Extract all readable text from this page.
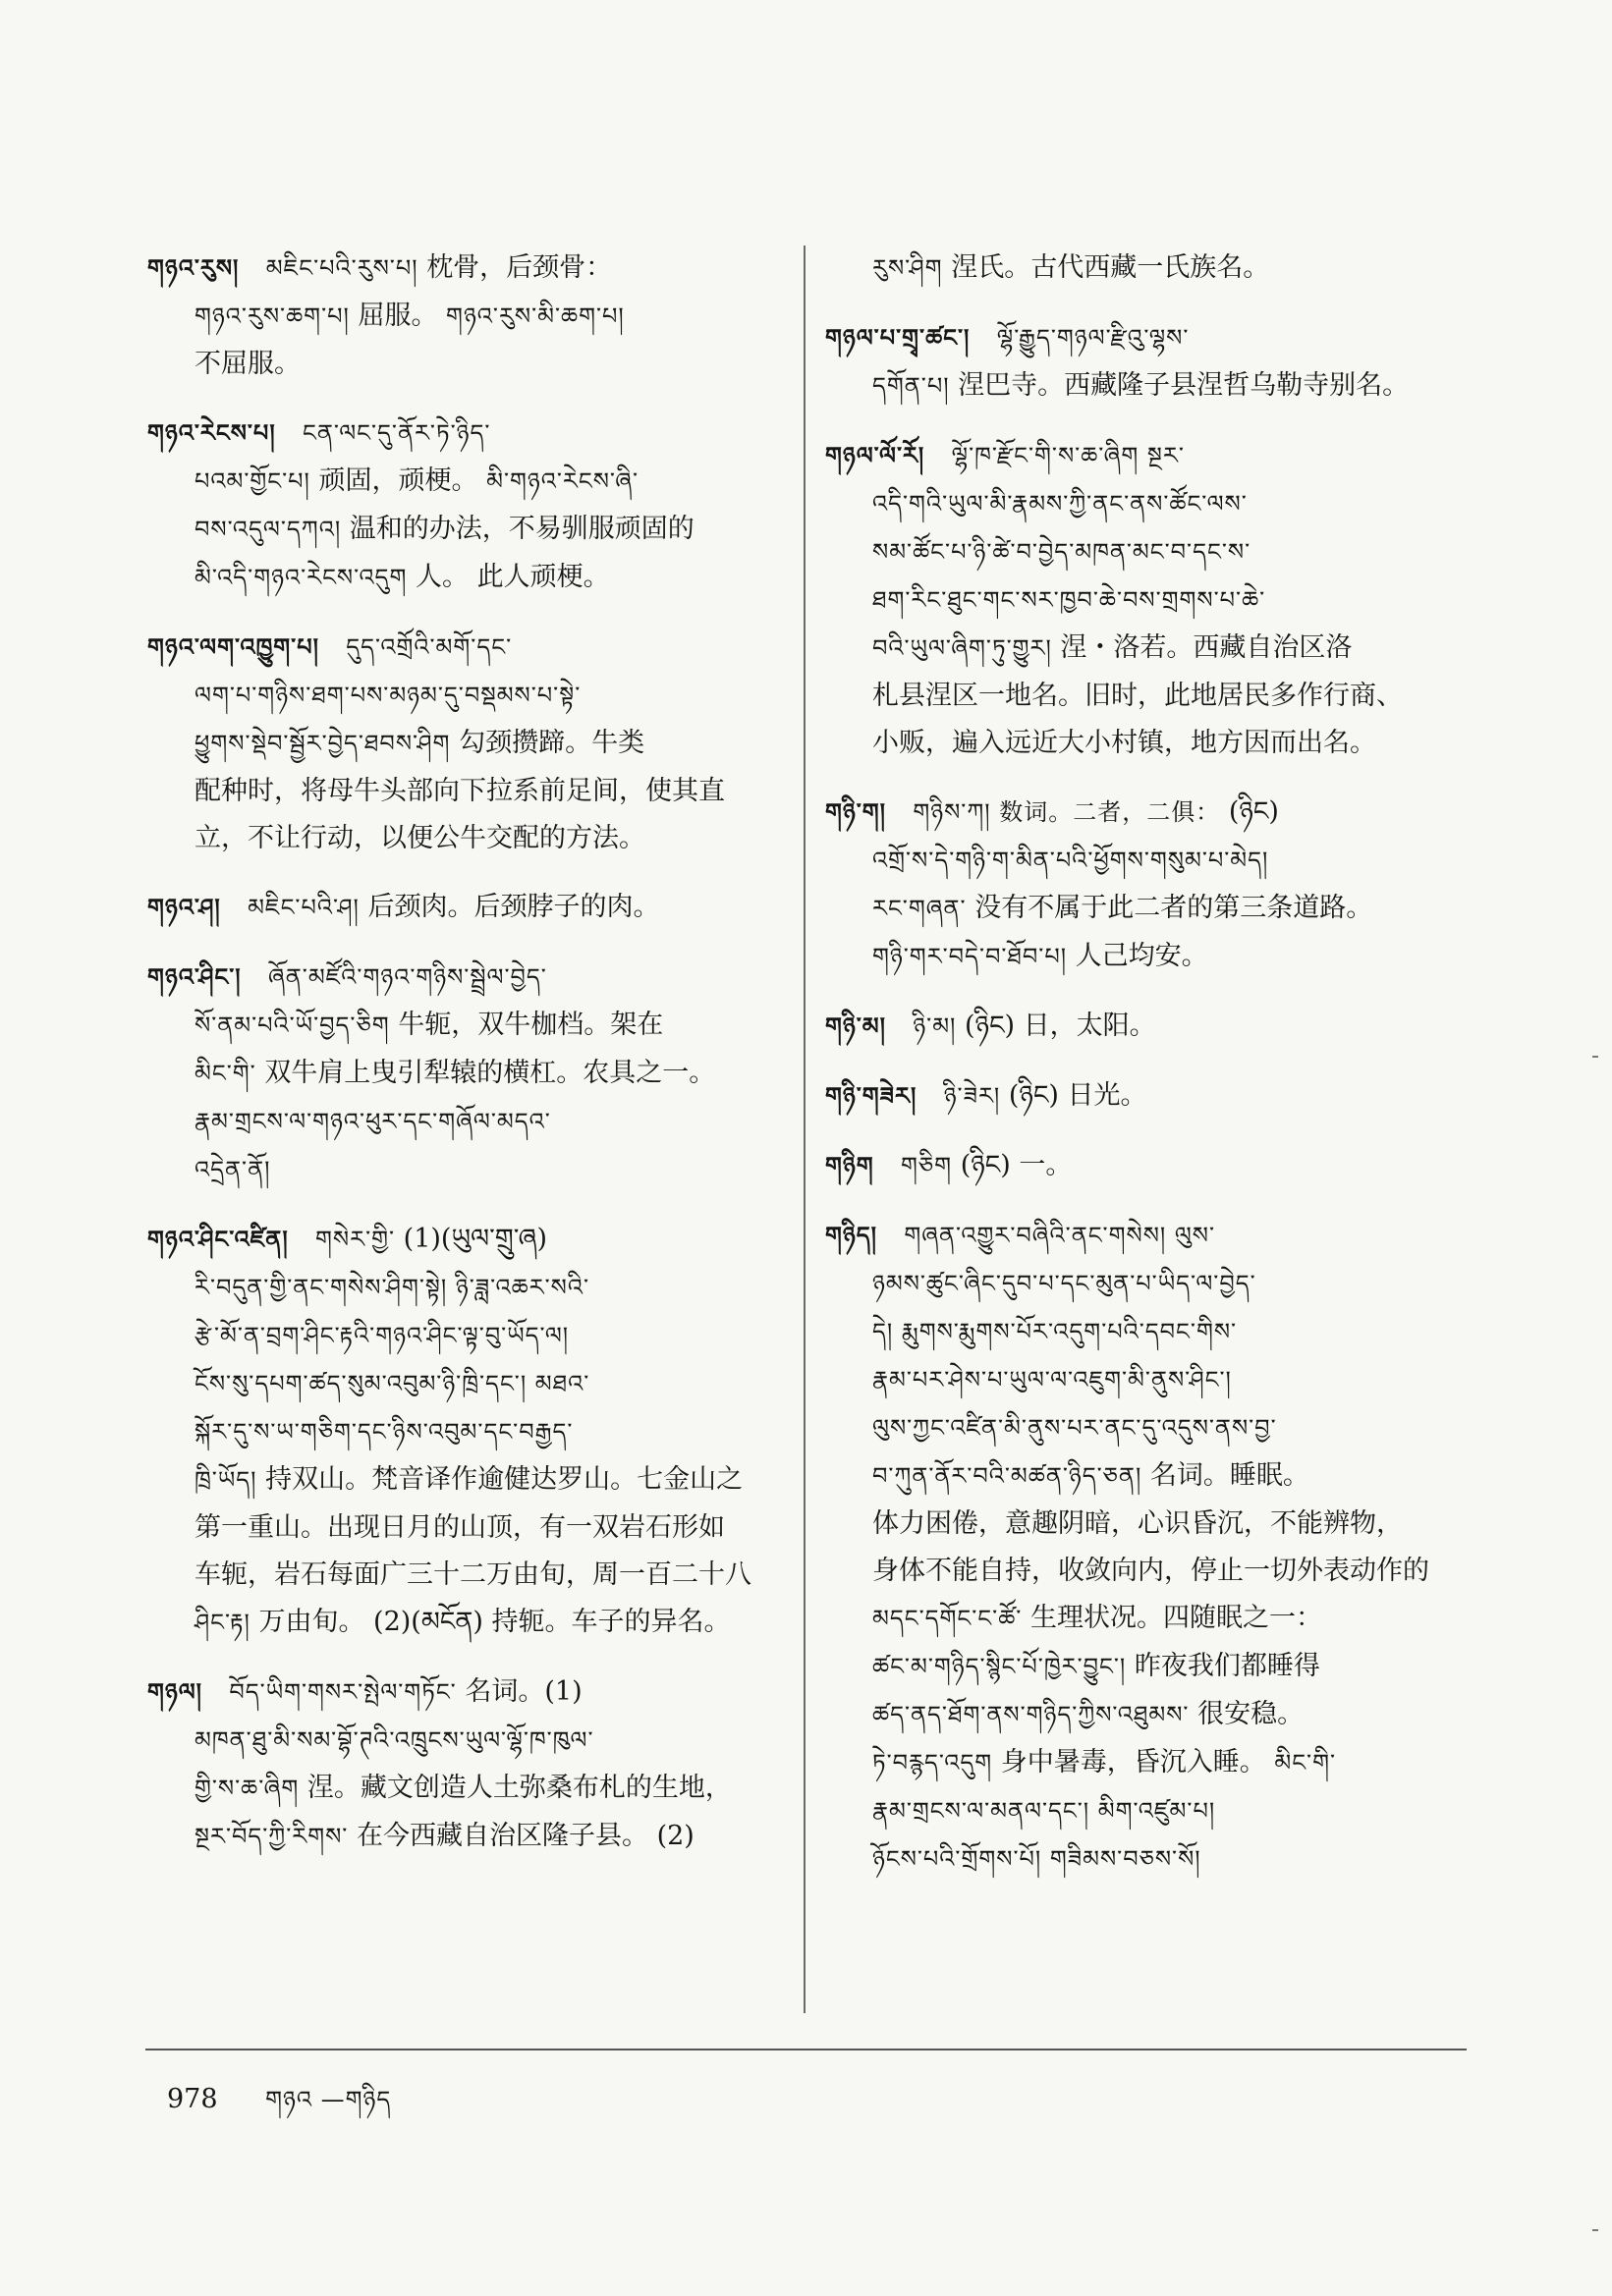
གཉའ་རུས། མཇིང་པའི་རུས་པ། 枕骨，后颈骨：
གཉའ་རུས་ཆག་པ། 屈服。 གཉའ་རུས་མི་ཆག་པ།
不屈服。
གཉའ་རེངས་པ། ངན་ལང་དུ་ནོར་ཏེ་ཉིད་
པའམ་གྱོང་པ། 顽固，顽梗。 མི་གཉའ་རེངས་ཞི་
བས་འདུལ་དཀའ། 温和的办法，不易驯服顽固的
མི་འདི་གཉའ་རེངས་འདུག 人。 此人顽梗。
གཉའ་ལག་འཁྱུག་པ། དུད་འགྲོའི་མགོ་དང་
ལག་པ་གཉིས་ཐག་པས་མཉམ་དུ་བསྡམས་པ་སྟེ་
ཕྱུགས་སྡེབ་སྦྱོར་བྱེད་ཐབས་ཤིག 勾颈攒蹄。牛类
配种时，将母牛头部向下拉系前足间，使其直
立，不让行动，以便公牛交配的方法。
གཉའ་ཤ། མཇིང་པའི་ཤ། 后颈肉。后颈脖子的肉。
གཉའ་ཤིང་། ཞོན་མཛོའི་གཉའ་གཉིས་སྦྲེལ་བྱེད་
སོ་ནམ་པའི་ཡོ་བྱད་ཅིག 牛轭，双牛枷档。架在
མིང་གི་ 双牛肩上曳引犁辕的横杠。农具之一。
རྣམ་གྲངས་ལ་གཉའ་ཕུར་དང་གཞོལ་མདའ་
འདྲེན་ནོ།
གཉའ་ཤིང་འཛིན། གསེར་གྱི་ (1)(ཡུལ་གྲུ་ཞ)
རི་བདུན་གྱི་ནང་གསེས་ཤིག་སྟེ། ཉི་ཟླ་འཆར་སའི་
རྩེ་མོ་ན་བྲག་ཤིང་རྟའི་གཉའ་ཤིང་ལྟ་བུ་ཡོད་ལ།
ངོས་སུ་དཔག་ཚད་སུམ་འབུམ་ཉི་ཁྲི་དང་། མཐའ་
སྐོར་དུ་ས་ཡ་གཅིག་དང་ཉིས་འབུམ་དང་བརྒྱད་
ཁྲི་ཡོད། 持双山。梵音译作逾健达罗山。七金山之
第一重山。出现日月的山顶，有一双岩石形如
车轭，岩石每面广三十二万由旬，周一百二十八
ཤིང་རྟ། 万由旬。 (2)(མངོན) 持轭。车子的异名。
གཉལ། བོད་ཡིག་གསར་སྤེལ་གཏོང་ 名词。(1)
མཁན་ཐུ་མི་སམ་བྷོ་ཊའི་འཁྲུངས་ཡུལ་ལྷོ་ཁ་ཁུལ་
གྱི་ས་ཆ་ཞིག 涅。藏文创造人土弥桑布札的生地，
སྔར་བོད་ཀྱི་རིགས་ 在今西藏自治区隆子县。 (2)
རུས་ཤིག 涅氏。古代西藏一氏族名。
གཉལ་པ་གྲྭ་ཚང་། ལྷོ་རྒྱུད་གཉལ་རྫིའུ་ལྷས་
དགོན་པ། 涅巴寺。西藏隆子县涅哲乌勒寺别名。
གཉལ་ལོ་རོ། ལྷོ་ཁ་རྫོང་གི་ས་ཆ་ཞིག སྔར་
འདི་གའི་ཡུལ་མི་རྣམས་ཀྱི་ནང་ནས་ཚོང་ལས་
སམ་ཚོང་པ་ཉི་ཚེ་བ་བྱེད་མཁན་མང་བ་དང་ས་
ཐག་རིང་ཐུང་གང་སར་ཁྱབ་ཆེ་བས་གྲགས་པ་ཆེ་
བའི་ཡུལ་ཞིག་ཏུ་གྱུར། 涅・洛若。西藏自治区洛
札县涅区一地名。旧时，此地居民多作行商、
小贩，遍入远近大小村镇，地方因而出名。
གཉི་ག། གཉིས་ཀ། 数词。二者，二俱： (ཉིང)
འགྲོ་ས་དེ་གཉི་ག་མིན་པའི་ཕྱོགས་གསུམ་པ་མེད།
རང་གཞན་ 没有不属于此二者的第三条道路。
གཉི་གར་བདེ་བ་ཐོབ་པ། 人己均安。
གཉི་མ། ཉི་མ། (ཉིང) 日，太阳。
གཉི་གཟེར། ཉི་ཟེར། (ཉིང) 日光。
གཉིག གཅིག (ཉིང) 一。
གཉིད། གཞན་འགྱུར་བཞིའི་ནང་གསེས། ལུས་
ཉམས་ཚུང་ཞིང་དུབ་པ་དང་མུན་པ་ཡིད་ལ་བྱེད་
དེ། རྨུགས་རྨུགས་པོར་འདུག་པའི་དབང་གིས་
རྣམ་པར་ཤེས་པ་ཡུལ་ལ་འཇུག་མི་ནུས་ཤིང་།
ལུས་ཀྱང་འཛིན་མི་ནུས་པར་ནང་དུ་འདུས་ནས་བྱ་
བ་ཀུན་ནོར་བའི་མཚན་ཉིད་ཅན། 名词。睡眠。
体力困倦，意趣阴暗，心识昏沉，不能辨物，
身体不能自持，收敛向内，停止一切外表动作的
མདང་དགོང་ང་ཚོ་ 生理状况。四随眠之一：
ཚང་མ་གཉིད་སྙིང་པོ་ཁྱེར་བྱུང་། 昨夜我们都睡得
ཚད་ནད་ཐོག་ནས་གཉིད་ཀྱིས་འཐུམས་ 很安稳。
ཏེ་བརྙད་འདུག 身中暑毒，昏沉入睡。 མིང་གི་
རྣམ་གྲངས་ལ་མནལ་དང་། མིག་འཛུམ་པ།
ཉོངས་པའི་གྲོགས་པོ། གཟིམས་བཅས་སོ།
978 གཉའ —གཉིད
